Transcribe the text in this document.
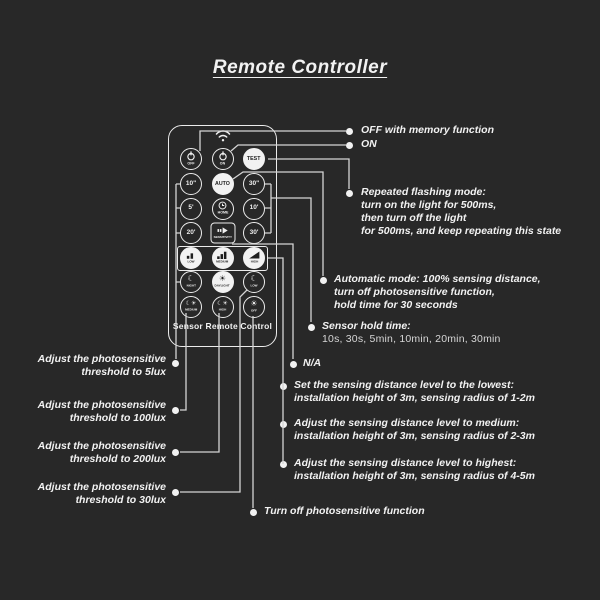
Remote Controller
OFF	ON
TEST
10"	AUTO	30"
5'
HOME
10'
20'
SENSITIVITY
30'
LOW	MEDIUM	HIGH
☾
NIGHT
☀
DAYLIGHT
☾
LOW
☾☀
MEDIUM
☾☀
HIGH
☀
OFF
Sensor Remote Control
OFF with memory function
ON
Repeated flashing mode:
turn on the light for 500ms,
then turn off the light
for 500ms, and keep repeating this state
Automatic mode: 100% sensing distance,
turn off photosensitive function,
hold time for 30 seconds
Sensor hold time:
10s, 30s, 5min, 10min, 20min, 30min
N/A
Set the sensing distance level to the lowest:
installation height of 3m, sensing radius of 1-2m
Adjust the sensing distance level to medium:
installation height of 3m, sensing radius of 2-3m
Adjust the sensing distance level to highest:
installation height of 3m, sensing radius of 4-5m
Turn off photosensitive function
Adjust the photosensitive
threshold to 5lux
Adjust the photosensitive
threshold to 100lux
Adjust the photosensitive
threshold to 200lux
Adjust the photosensitive
threshold to 30lux
